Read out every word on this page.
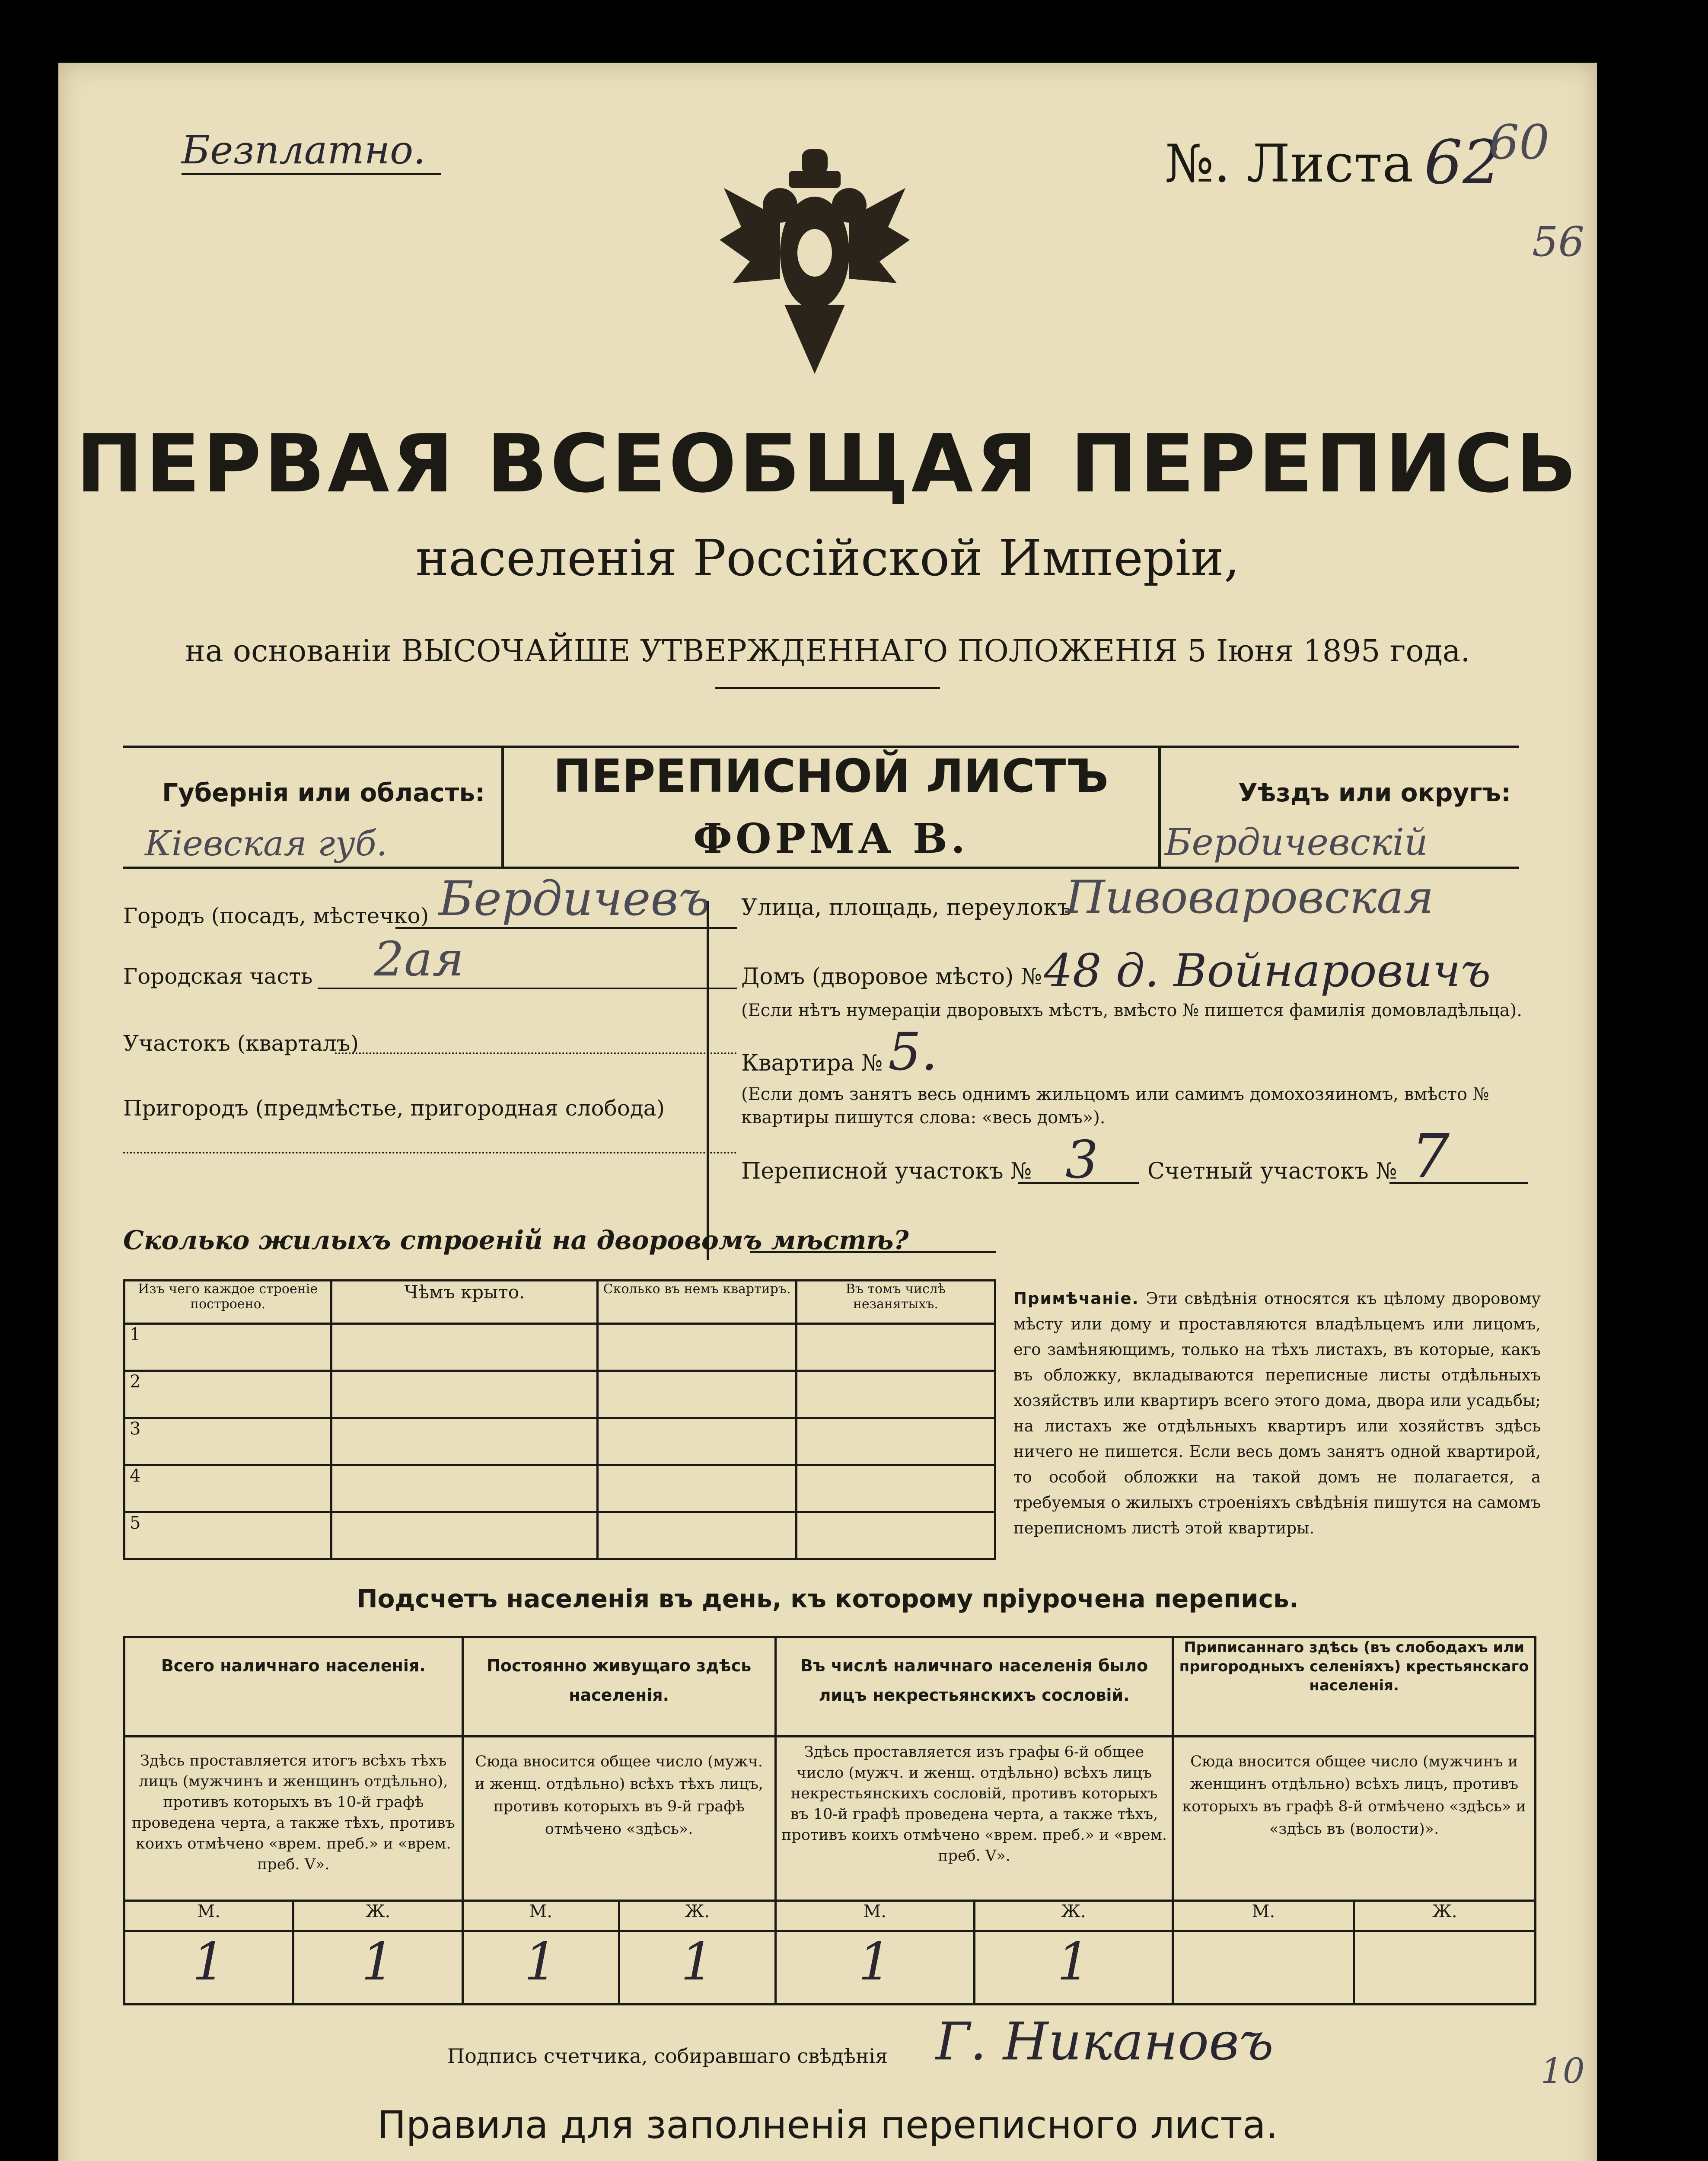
Безплатно.	№. Листа 62
60
56
ПЕРВАЯ ВСЕОБЩАЯ ПЕРЕПИСЬ
населенія Россійской Имперіи,
на основаніи ВЫСОЧАЙШЕ УТВЕРЖДЕННАГО ПОЛОЖЕНІЯ 5 Іюня 1895 года.
Губернія или область:
Кіевская губ.
ПЕРЕПИСНОЙ ЛИСТЪ
ФОРМА В.
Уѣздъ или округъ:
Бердичевскій
Городъ (посадъ, мѣстечко) Бердичевъ
Городская часть 2ая
Участокъ (кварталъ)
Пригородъ (предмѣстье, пригородная слобода)
Улица, площадь, переулокъ
Пивоваровская
Домъ (дворовое мѣсто) № 48 д. Войнаровичъ
(Если нѣтъ нумераціи дворовыхъ мѣстъ, вмѣсто № пишется фамилія домовладѣльца).
Квартира № 5.
(Если домъ занятъ весь однимъ жильцомъ или самимъ домохозяиномъ, вмѣсто № квартиры пишутся слова: «весь домъ»).
Переписной участокъ № 3 Счетный участокъ № 7
Сколько жилыхъ строеній на дворовомъ мѣстѣ?
Изъ чего каждое строеніе построено.	Чѣмъ крыто.	Сколько въ немъ квартиръ.	Въ томъ числѣ незанятыхъ.
1			
2			
3			
4			
5			
Примѣчаніе. Эти свѣдѣнія относятся къ цѣлому дворовому мѣсту или дому и проставляются владѣльцемъ или лицомъ, его замѣняющимъ, только на тѣхъ листахъ, въ которые, какъ въ обложку, вкладываются переписные листы отдѣльныхъ хозяйствъ или квартиръ всего этого дома, двора или усадьбы; на листахъ же отдѣльныхъ квартиръ или хозяйствъ здѣсь ничего не пишется. Если весь домъ занятъ одной квартирой, то особой обложки на такой домъ не полагается, а требуемыя о жилыхъ строеніяхъ свѣдѣнія пишутся на самомъ переписномъ листѣ этой квартиры.
Подсчетъ населенія въ день, къ которому пріурочена перепись.
Всего наличнаго населенія.		Постоянно живущаго здѣсь населенія.		Въ числѣ наличнаго населенія было лицъ некрестьянскихъ сословій.		Приписаннаго здѣсь (въ слободахъ или пригородныхъ селеніяхъ) крестьянскаго населенія.	
Здѣсь проставляется итогъ всѣхъ тѣхъ лицъ (мужчинъ и женщинъ отдѣльно), противъ которыхъ въ 10-й графѣ проведена черта, а также тѣхъ, противъ коихъ отмѣчено «врем. преб.» и «врем. преб. V».		Сюда вносится общее число (мужч. и женщ. отдѣльно) всѣхъ тѣхъ лицъ, противъ которыхъ въ 9-й графѣ отмѣчено «здѣсь».		Здѣсь проставляется изъ графы 6-й общее число (мужч. и женщ. отдѣльно) всѣхъ лицъ некрестьянскихъ сословій, противъ которыхъ въ 10-й графѣ проведена черта, а также тѣхъ, противъ коихъ отмѣчено «врем. преб.» и «врем. преб. V».		Сюда вносится общее число (мужчинъ и женщинъ отдѣльно) всѣхъ лицъ, противъ которыхъ въ графѣ 8-й отмѣчено «здѣсь» и «здѣсь въ (волости)».	
М.	Ж.	М.	Ж.	М.	Ж.	М.	Ж.
1	1	1	1	1	1		
Подпись счетчика, собиравшаго свѣдѣнія Г. Никановъ	10
Правила для заполненія переписного листа.
